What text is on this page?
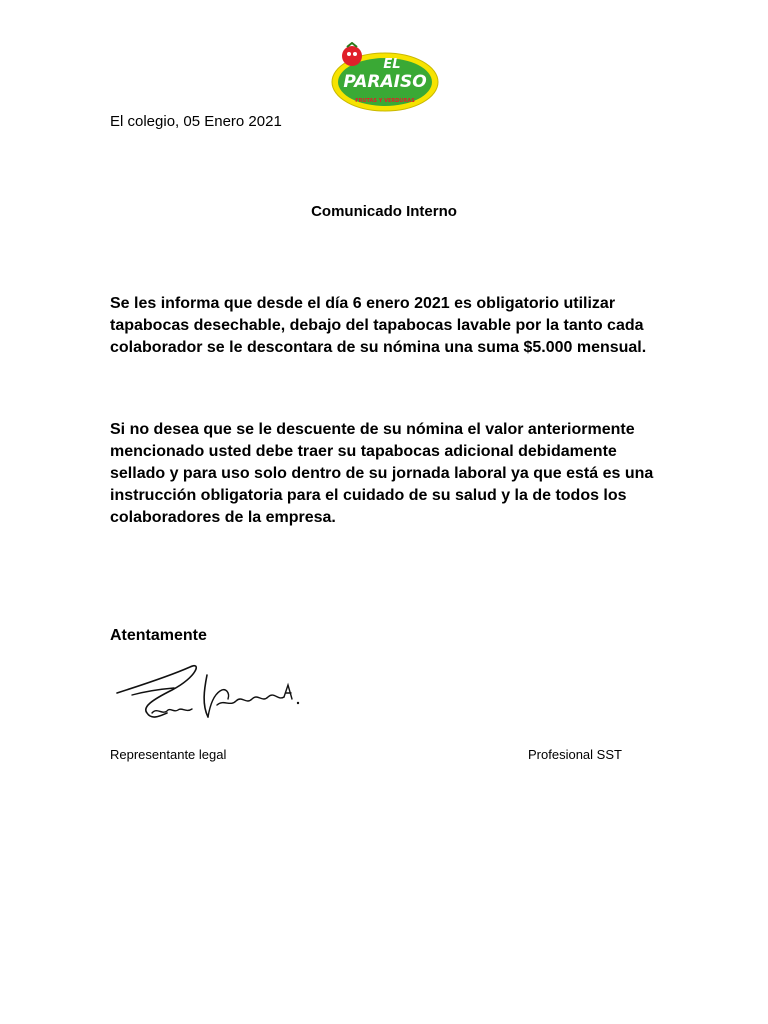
EL
PARAISO
FRUTAS Y VERDURAS
El colegio, 05 Enero 2021
Comunicado Interno
Se les informa que desde el día 6 enero 2021 es obligatorio utilizar tapabocas desechable, debajo del tapabocas lavable por la tanto cada colaborador se le descontara de su nómina una suma $5.000 mensual.
Si no desea que se le descuente de su nómina el valor anteriormente mencionado usted debe traer su tapabocas adicional debidamente sellado y para uso solo dentro de su jornada laboral ya que está es una instrucción obligatoria para el cuidado de su salud y la de todos los colaboradores de la empresa.
Atentamente
Representante legal	Profesional SST
